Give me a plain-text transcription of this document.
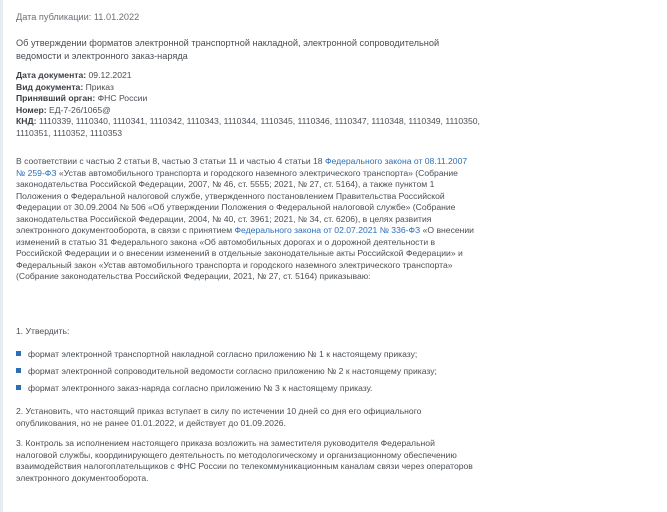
Дата публикации: 11.01.2022
Об утверждении форматов электронной транспортной накладной, электронной сопроводительной ведомости и электронного заказ-наряда
Дата документа: 09.12.2021
Вид документа: Приказ
Принявший орган: ФНС России
Номер: ЕД-7-26/1065@
КНД: 1110339, 1110340, 1110341, 1110342, 1110343, 1110344, 1110345, 1110346, 1110347, 1110348, 1110349, 1110350, 1110351, 1110352, 1110353
В соответствии с частью 2 статьи 8, частью 3 статьи 11 и частью 4 статьи 18 Федерального закона от 08.11.2007 № 259-ФЗ «Устав автомобильного транспорта и городского наземного электрического транспорта» (Собрание законодательства Российской Федерации, 2007, № 46, ст. 5555; 2021, № 27, ст. 5164), а также пунктом 1 Положения о Федеральной налоговой службе, утвержденного постановлением Правительства Российской Федерации от 30.09.2004 № 506 «Об утверждении Положения о Федеральной налоговой службе» (Собрание законодательства Российской Федерации, 2004, № 40, ст. 3961; 2021, № 34, ст. 6206), в целях развития электронного документооборота, в связи с принятием Федерального закона от 02.07.2021 № 336-ФЗ «О внесении изменений в статью 31 Федерального закона «Об автомобильных дорогах и о дорожной деятельности в Российской Федерации и о внесении изменений в отдельные законодательные акты Российской Федерации» и Федеральный закон «Устав автомобильного транспорта и городского наземного электрического транспорта» (Собрание законодательства Российской Федерации, 2021, № 27, ст. 5164) приказываю:
1. Утвердить:
формат электронной транспортной накладной согласно приложению № 1 к настоящему приказу;
формат электронной сопроводительной ведомости согласно приложению № 2 к настоящему приказу;
формат электронного заказ-наряда согласно приложению № 3 к настоящему приказу.
2. Установить, что настоящий приказ вступает в силу по истечении 10 дней со дня его официального опубликования, но не ранее 01.01.2022, и действует до 01.09.2026.
3. Контроль за исполнением настоящего приказа возложить на заместителя руководителя Федеральной налоговой службы, координирующего деятельность по методологическому и организационному обеспечению взаимодействия налогоплательщиков с ФНС России по телекоммуникационным каналам связи через операторов электронного документооборота.
